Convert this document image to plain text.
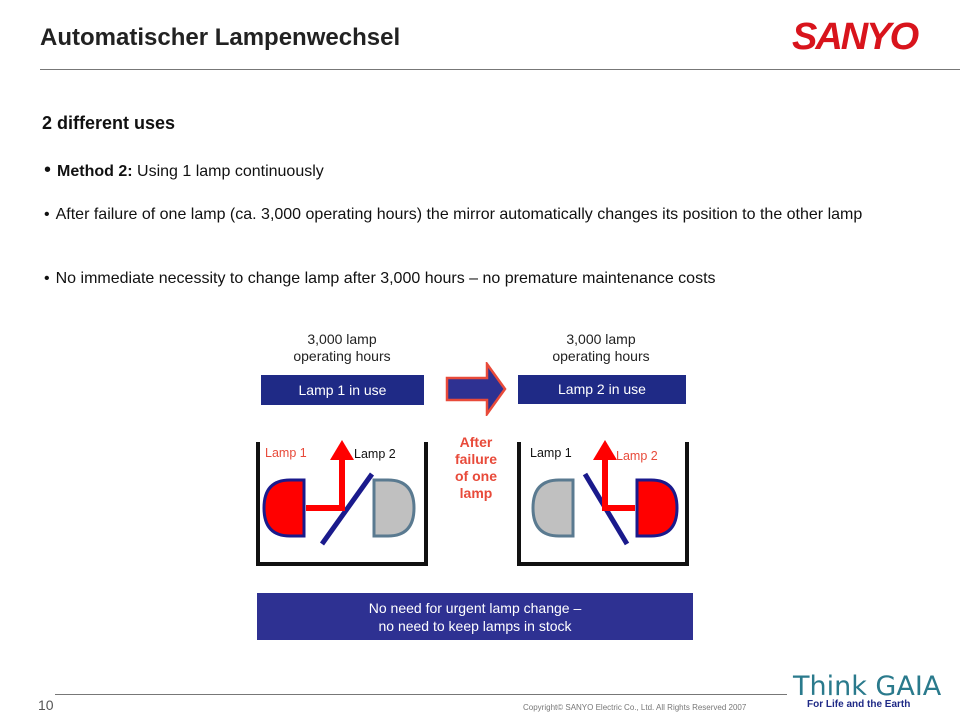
Automatischer Lampenwechsel	SANYO
2 different uses
• Method 2: Using 1 lamp continuously
• After failure of one lamp (ca. 3,000 operating hours) the mirror automatically changes its position to the other lamp
• No immediate necessity to change lamp after 3,000 hours – no premature maintenance costs
3,000 lamp
operating hours
Lamp 1 in use
3,000 lamp
operating hours
Lamp 2 in use
After
failure
of one
lamp
Lamp 1	Lamp 2	Lamp 1	Lamp 2
No need for urgent lamp change –
no need to keep lamps in stock
10	Copyright© SANYO Electric Co., Ltd. All Rights Reserved 2007
Think GAIA
For Life and the Earth
